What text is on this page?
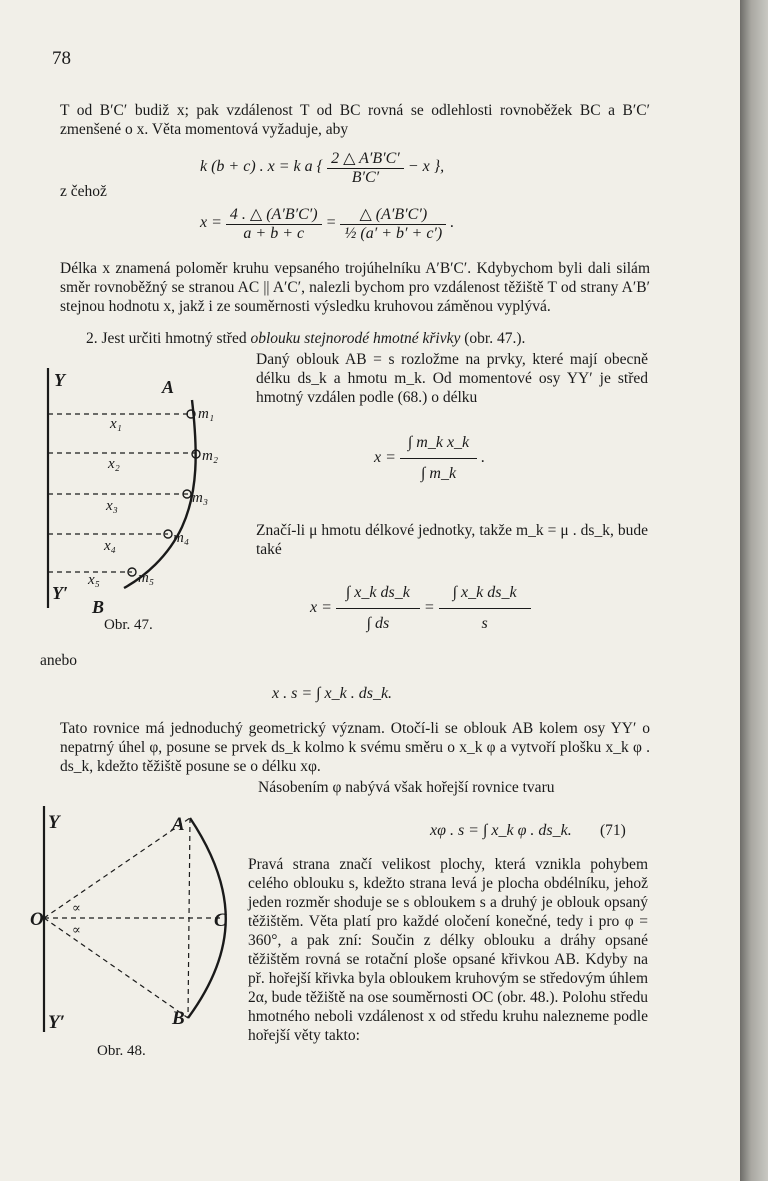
78
T od B′C′ budiž x; pak vzdálenost T od BC rovná se odlehlosti rovnoběžek BC a B′C′ zmenšené o x. Věta momentová vyžaduje, aby
k (b + c) . x = k a { $\frac{2 \triangle A'B'C'}{B'C'} - x$ },
z čehož
$x = \frac{4 . \triangle (A'B'C')}{a + b + c} = \frac{\triangle (A'B'C')}{\text{½ (a′ + b′ + c′)}}$ .
Délka x znamená poloměr kruhu vepsaného trojúhelníku A′B′C′. Kdybychom byli dali silám směr rovnoběžný se stranou AC || A′C′, nalezli bychom pro vzdálenost těžiště T od strany A′B′ stejnou hodnotu x, jakž i ze souměrnosti výsledku kruhovou záměnou vyplývá.
2. Jest určiti hmotný střed oblouku stejnorodé hmotné křivky (obr. 47.).
Daný oblouk AB = s rozložme na prvky, které mají obecně délku ds_k a hmotu m_k. Od momentové osy YY′ je střed hmotný vzdálen podle (68.) o délku
$x = \frac{\text{∫ m\_k x\_k}}{\int m\_k}$ .
Značí-li μ hmotu délkové jednotky, takže m_k = μ . ds_k, bude také
$x = \frac{\text{∫ x\_k ds\_k}}{\int ds} = \frac{\text{∫ x\_k ds\_k}}{s}$
anebo
x . s = ∫ x_k . ds_k.
Tato rovnice má jednoduchý geometrický význam. Otočí-li se oblouk AB kolem osy YY′ o nepatrný úhel φ, posune se prvek ds_k kolmo k svému směru o x_k φ a vytvoří plošku x_k φ . ds_k, kdežto těžiště posune se o délku xφ.
Násobením φ nabývá však hořejší rovnice tvaru
xφ . s = ∫ x_k φ . ds_k. (71)
Pravá strana značí velikost plochy, která vznikla pohybem celého oblouku s, kdežto strana levá je plocha obdélníku, jehož jeden rozměr shoduje se s obloukem s a druhý je oblouk opsaný těžištěm. Věta platí pro každé oločení konečné, tedy i pro φ = 360°, a pak zní: Součin z délky oblouku a dráhy opsané těžištěm rovná se rotační ploše opsané křivkou AB. Kdyby na př. hořejší křivka byla obloukem kruhovým se středovým úhlem 2α, bude těžiště na ose souměrnosti OC (obr. 48.). Polohu středu hmotného neboli vzdálenost x od středu kruhu nalezneme podle hořejší věty takto:
Y
Y′
A
B
x₁
x₂
x₃
x₄
x₅
m₁
m₂
m₃
m₄
m₅
Obr. 47.
Y
Y′
A
B
O	C
∝
∝
Obr. 48.
